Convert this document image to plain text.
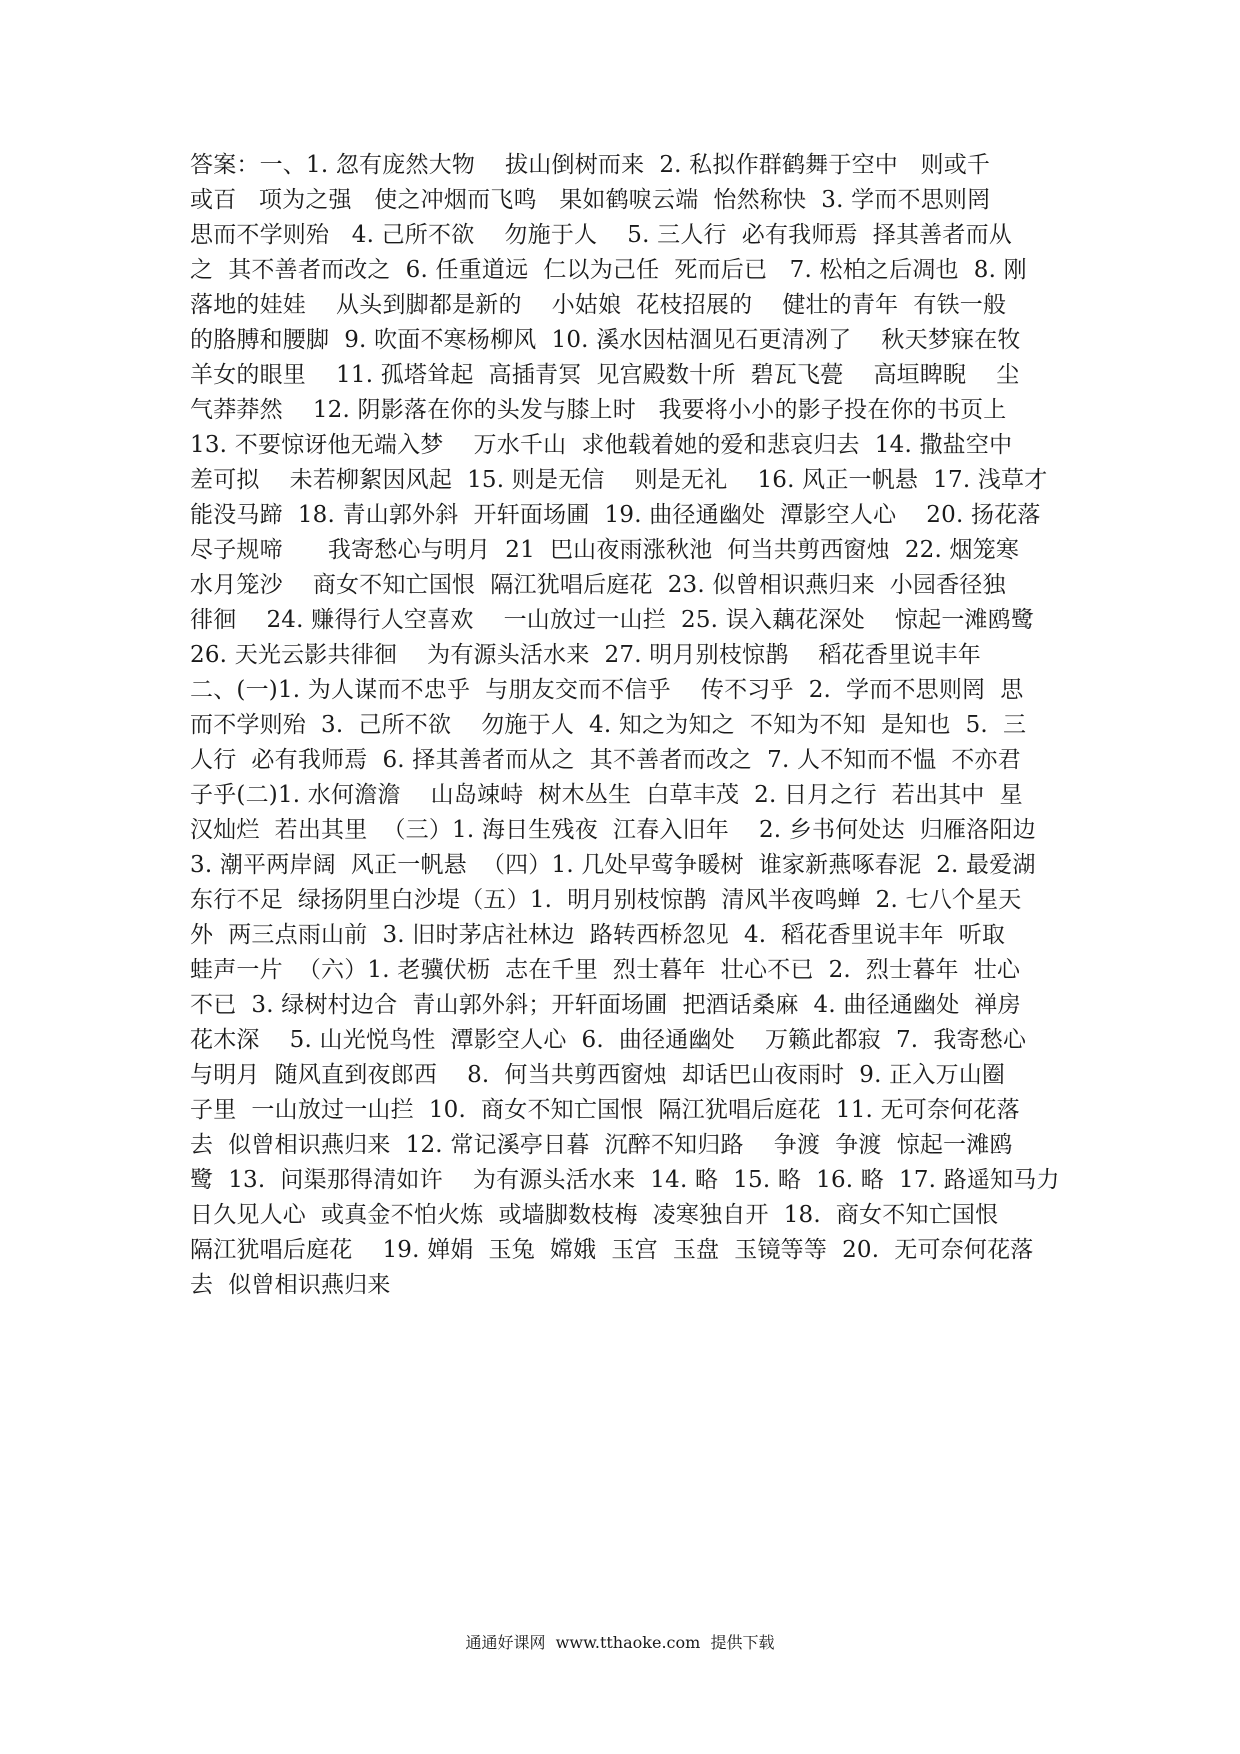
答案：一、1. 忽有庞然大物    拔山倒树而来  2. 私拟作群鹤舞于空中   则或千
或百   项为之强   使之冲烟而飞鸣   果如鹤唳云端  怡然称快  3. 学而不思则罔
思而不学则殆   4. 己所不欲    勿施于人    5. 三人行  必有我师焉  择其善者而从
之  其不善者而改之  6. 任重道远  仁以为己任  死而后已   7. 松柏之后凋也  8. 刚
落地的娃娃    从头到脚都是新的    小姑娘  花枝招展的    健壮的青年  有铁一般
的胳膊和腰脚  9. 吹面不寒杨柳风  10. 溪水因枯涸见石更清冽了    秋天梦寐在牧
羊女的眼里    11. 孤塔耸起  高插青冥  见宫殿数十所  碧瓦飞甍    高垣睥睨    尘
气莽莽然    12. 阴影落在你的头发与膝上时   我要将小小的影子投在你的书页上
13. 不要惊讶他无端入梦    万水千山  求他载着她的爱和悲哀归去  14. 撒盐空中
差可拟    未若柳絮因风起  15. 则是无信    则是无礼    16. 风正一帆悬  17. 浅草才
能没马蹄  18. 青山郭外斜  开轩面场圃  19. 曲径通幽处  潭影空人心    20. 扬花落
尽子规啼      我寄愁心与明月  21  巴山夜雨涨秋池  何当共剪西窗烛  22. 烟笼寒
水月笼沙    商女不知亡国恨  隔江犹唱后庭花  23. 似曾相识燕归来  小园香径独
徘徊    24. 赚得行人空喜欢    一山放过一山拦  25. 误入藕花深处    惊起一滩鸥鹭
26. 天光云影共徘徊    为有源头活水来  27. 明月别枝惊鹊    稻花香里说丰年
二、(一)1. 为人谋而不忠乎  与朋友交而不信乎    传不习乎  2.  学而不思则罔  思
而不学则殆  3.  己所不欲    勿施于人  4. 知之为知之  不知为不知  是知也  5.  三
人行  必有我师焉  6. 择其善者而从之  其不善者而改之  7. 人不知而不愠  不亦君
子乎(二)1. 水何澹澹    山岛竦峙  树木丛生  白草丰茂  2. 日月之行  若出其中  星
汉灿烂  若出其里  （三）1. 海日生残夜  江春入旧年    2. 乡书何处达  归雁洛阳边
3. 潮平两岸阔  风正一帆悬  （四）1. 几处早莺争暖树  谁家新燕啄春泥  2. 最爱湖
东行不足  绿扬阴里白沙堤（五）1.  明月别枝惊鹊  清风半夜鸣蝉  2. 七八个星天
外  两三点雨山前  3. 旧时茅店社林边  路转西桥忽见  4.  稻花香里说丰年  听取
蛙声一片  （六）1. 老骥伏枥  志在千里  烈士暮年  壮心不已  2.  烈士暮年  壮心
不已  3. 绿树村边合  青山郭外斜；开轩面场圃  把酒话桑麻  4. 曲径通幽处  禅房
花木深    5. 山光悦鸟性  潭影空人心  6.  曲径通幽处    万籁此都寂  7.  我寄愁心
与明月  随风直到夜郎西    8.  何当共剪西窗烛  却话巴山夜雨时  9. 正入万山圈
子里  一山放过一山拦  10.  商女不知亡国恨  隔江犹唱后庭花  11. 无可奈何花落
去  似曾相识燕归来  12. 常记溪亭日暮  沉醉不知归路    争渡  争渡  惊起一滩鸥
鹭  13.  问渠那得清如许    为有源头活水来  14. 略  15. 略  16. 略  17. 路遥知马力
日久见人心  或真金不怕火炼  或墙脚数枝梅  凌寒独自开  18.  商女不知亡国恨
隔江犹唱后庭花    19. 婵娟  玉兔  嫦娥  玉宫  玉盘  玉镜等等  20.  无可奈何花落
去  似曾相识燕归来
通通好课网  www.tthaoke.com  提供下载
